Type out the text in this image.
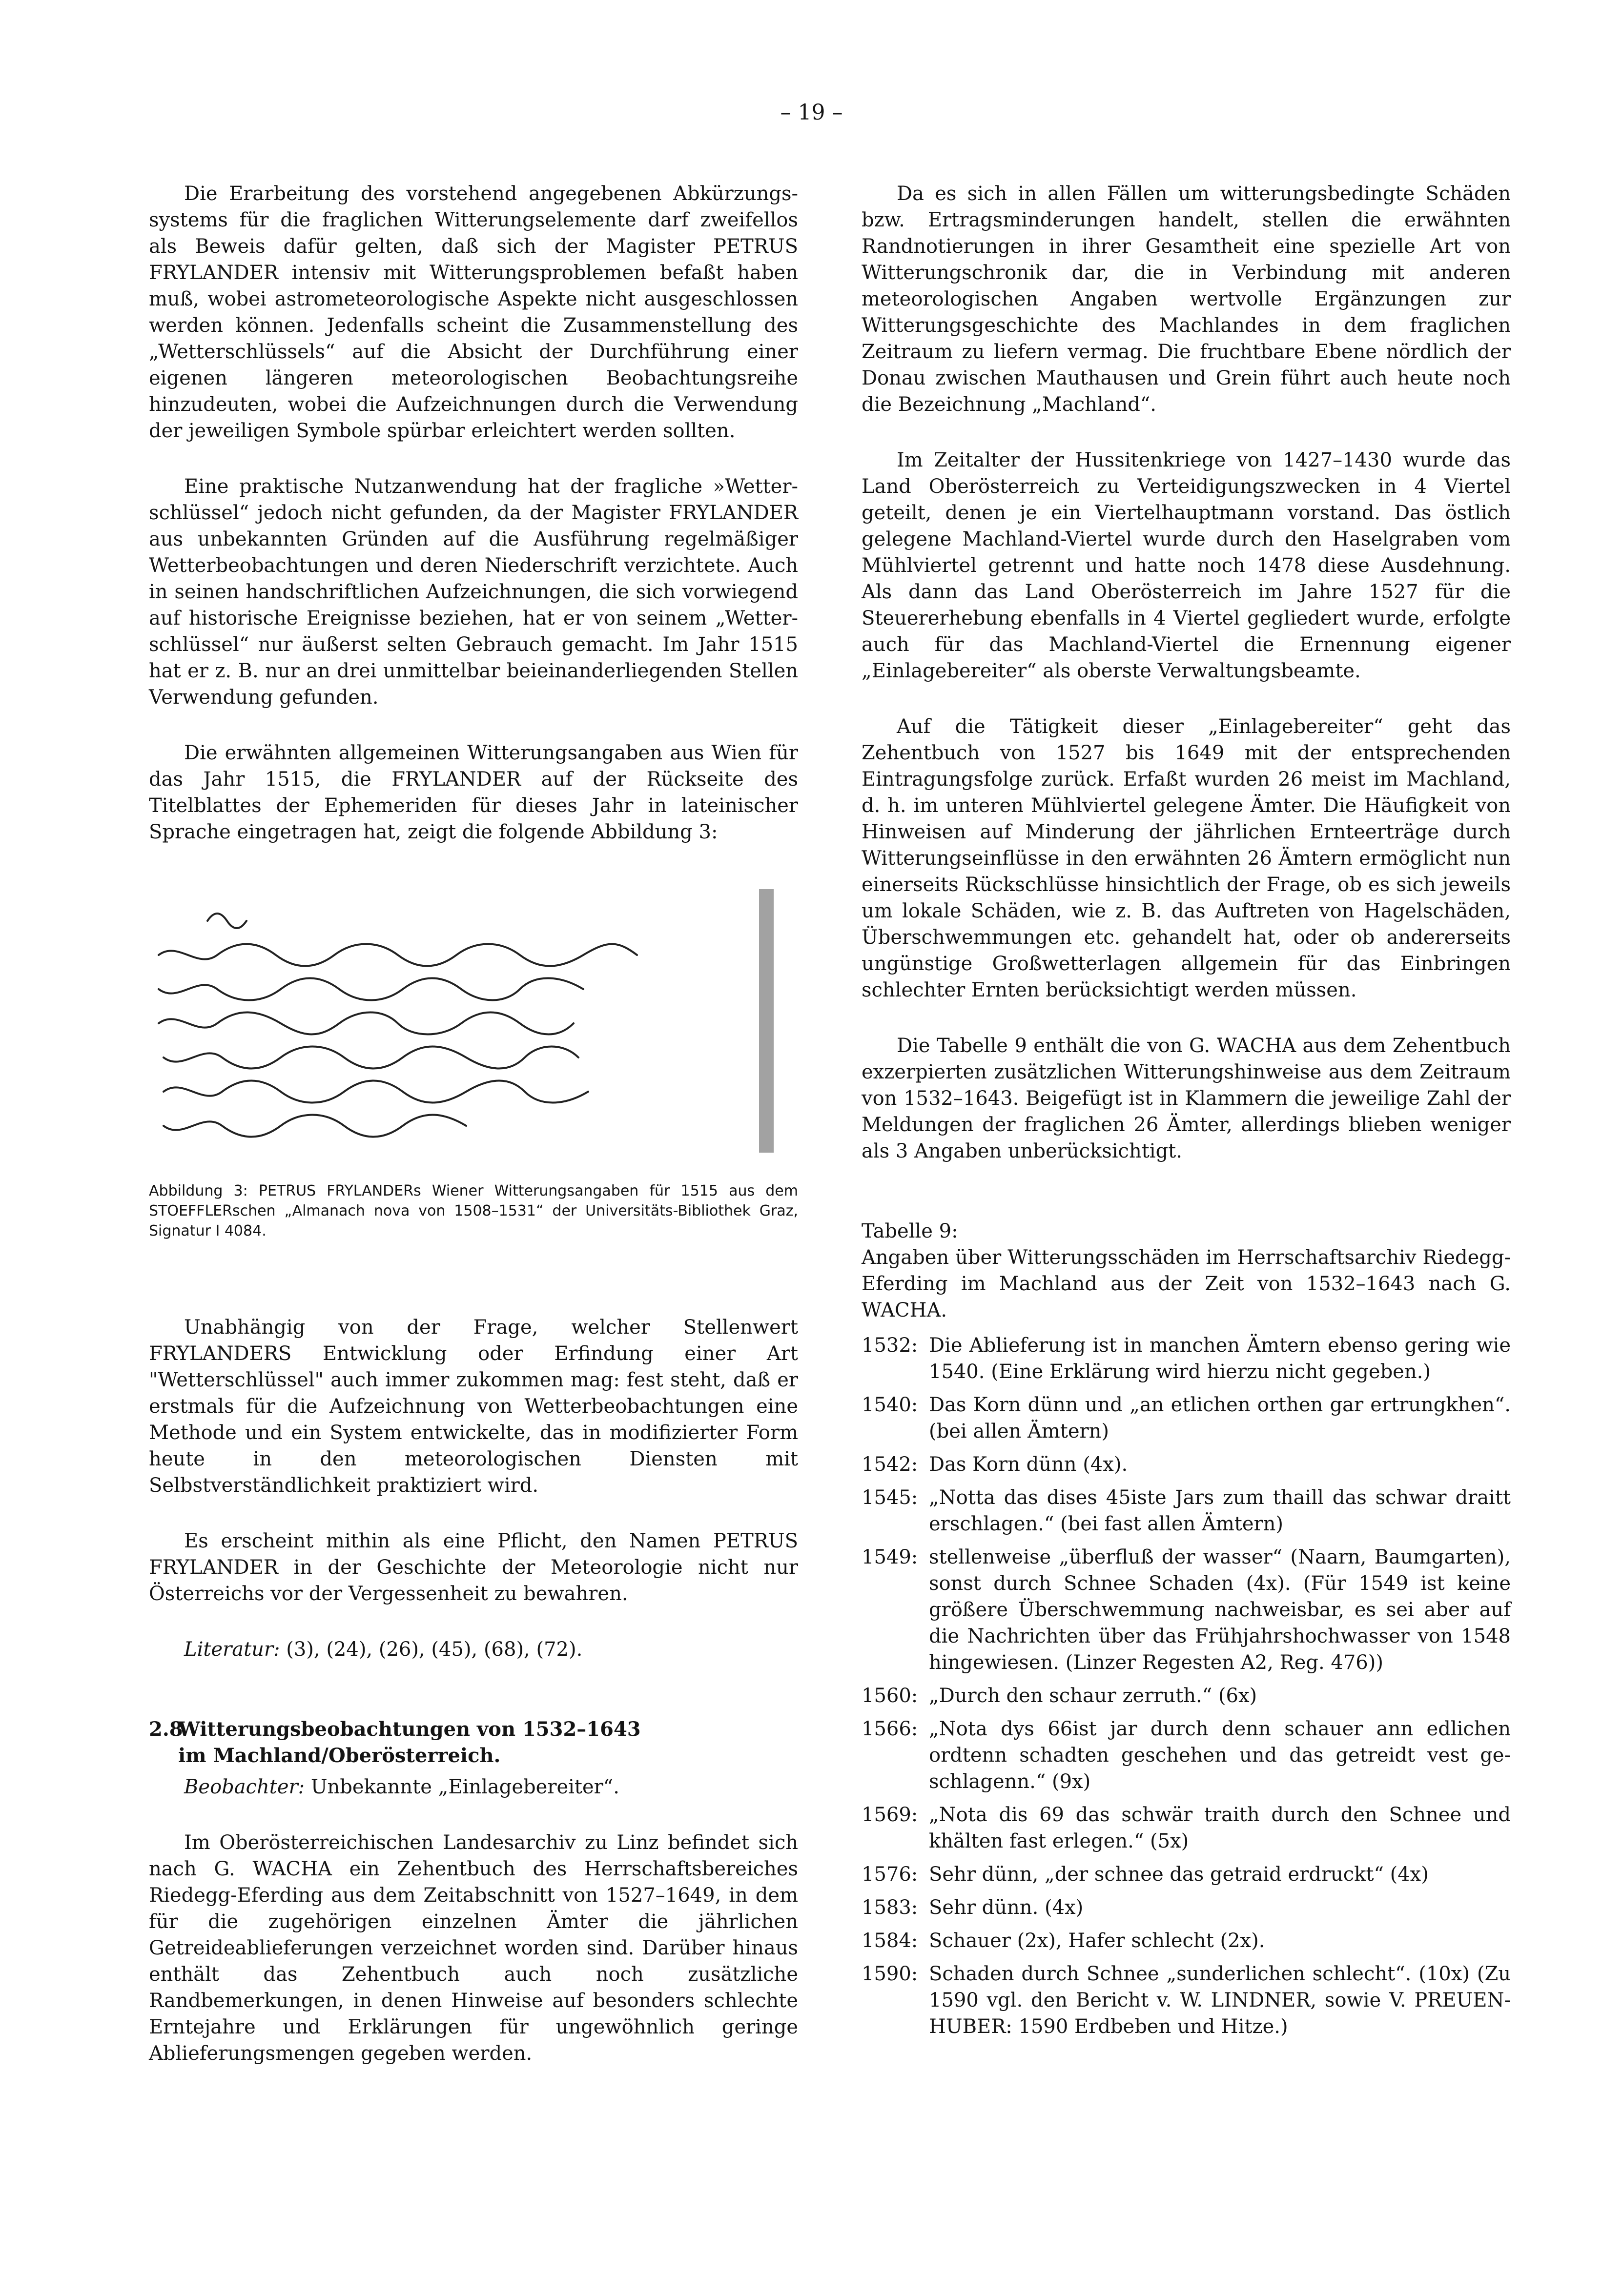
– 19 –

Die Erarbeitung des vorstehend angegebenen Abkürzungssystems für die fraglichen Witterungselemente darf zweifellos als Beweis dafür gelten, daß sich der Magister PETRUS FRYLANDER intensiv mit Witterungsproblemen befaßt haben muß, wobei astrometeorologische Aspekte nicht ausgeschlossen werden können. Jedenfalls scheint die Zusammenstellung des „Wetterschlüssels“ auf die Absicht der Durchführung einer eigenen längeren meteorologischen Beobachtungsreihe hinzudeuten, wobei die Aufzeichnungen durch die Verwendung der jeweiligen Symbole spürbar erleichtert werden sollten.

Eine praktische Nutzanwendung hat der fragliche »Wetterschlüssel“ jedoch nicht gefunden, da der Magister FRYLANDER aus unbekannten Gründen auf die Ausführung regelmäßiger Wetterbeobachtungen und deren Niederschrift verzichtete. Auch in seinen handschriftlichen Aufzeichnungen, die sich vorwiegend auf historische Ereignisse beziehen, hat er von seinem „Wetterschlüssel“ nur äußerst selten Gebrauch gemacht. Im Jahr 1515 hat er z. B. nur an drei unmittelbar beieinanderliegenden Stellen Verwendung gefunden.

Die erwähnten allgemeinen Witterungsangaben aus Wien für das Jahr 1515, die FRYLANDER auf der Rückseite des Titelblattes der Ephemeriden für dieses Jahr in lateinischer Sprache eingetragen hat, zeigt die folgende Abbildung 3:

Abbildung 3: PETRUS FRYLANDERs Wiener Witterungsangaben für 1515 aus dem STOEFFLERschen „Almanach nova von 1508–1531“ der Universitäts-Bibliothek Graz, Signatur I 4084.

Unabhängig von der Frage, welcher Stellenwert FRYLANDERS Entwicklung oder Erfindung einer Art "Wetterschlüssel" auch immer zukommen mag: fest steht, daß er erstmals für die Aufzeichnung von Wetterbeobachtungen eine Methode und ein System entwickelte, das in modifizierter Form heute in den meteorologischen Diensten mit Selbstverständlichkeit praktiziert wird.

Es erscheint mithin als eine Pflicht, den Namen PETRUS FRYLANDER in der Geschichte der Meteorologie nicht nur Österreichs vor der Vergessenheit zu bewahren.

Literatur: (3), (24), (26), (45), (68), (72).

2.8
Witterungsbeobachtungen von 1532–1643
im Machland/Oberösterreich.
Beobachter: Unbekannte „Einlagebereiter“.

Im Oberösterreichischen Landesarchiv zu Linz befindet sich nach G. WACHA ein Zehentbuch des Herrschaftsbereiches Riedegg-Eferding aus dem Zeitabschnitt von 1527–1649, in dem für die zugehörigen einzelnen Ämter die jährlichen Getreideablieferungen verzeichnet worden sind. Darüber hinaus enthält das Zehentbuch auch noch zusätzliche Randbemerkungen, in denen Hinweise auf besonders schlechte Erntejahre und Erklärungen für ungewöhnlich geringe Ablieferungsmengen gegeben werden.

Da es sich in allen Fällen um witterungsbedingte Schäden bzw. Ertragsminderungen handelt, stellen die erwähnten Randnotierungen in ihrer Gesamtheit eine spezielle Art von Witterungschronik dar, die in Verbindung mit anderen meteorologischen Angaben wertvolle Ergänzungen zur Witterungsgeschichte des Machlandes in dem fraglichen Zeitraum zu liefern vermag. Die fruchtbare Ebene nördlich der Donau zwischen Mauthausen und Grein führt auch heute noch die Bezeichnung „Machland“.

Im Zeitalter der Hussitenkriege von 1427–1430 wurde das Land Oberösterreich zu Verteidigungszwecken in 4 Viertel geteilt, denen je ein Viertelhauptmann vorstand. Das östlich gelegene Machland-Viertel wurde durch den Haselgraben vom Mühlviertel getrennt und hatte noch 1478 diese Ausdehnung. Als dann das Land Oberösterreich im Jahre 1527 für die Steuererhebung ebenfalls in 4 Viertel gegliedert wurde, erfolgte auch für das Machland-Viertel die Ernennung eigener „Einlagebereiter“ als oberste Verwaltungsbeamte.

Auf die Tätigkeit dieser „Einlagebereiter“ geht das Zehentbuch von 1527 bis 1649 mit der entsprechenden Eintragungsfolge zurück. Erfaßt wurden 26 meist im Machland, d. h. im unteren Mühlviertel gelegene Ämter. Die Häufigkeit von Hinweisen auf Minderung der jährlichen Ernteerträge durch Witterungseinflüsse in den erwähnten 26 Ämtern ermöglicht nun einerseits Rückschlüsse hinsichtlich der Frage, ob es sich jeweils um lokale Schäden, wie z. B. das Auftreten von Hagelschäden, Überschwemmungen etc. gehandelt hat, oder ob andererseits ungünstige Großwetterlagen allgemein für das Einbringen schlechter Ernten berücksichtigt werden müssen.

Die Tabelle 9 enthält die von G. WACHA aus dem Zehentbuch exzerpierten zusätzlichen Witterungshinweise aus dem Zeitraum von 1532–1643. Beigefügt ist in Klammern die jeweilige Zahl der Meldungen der fraglichen 26 Ämter, allerdings blieben weniger als 3 Angaben unberücksichtigt.

Tabelle 9:
Angaben über Witterungsschäden im Herrschaftsarchiv Riedegg-Eferding im Machland aus der Zeit von 1532–1643 nach G. WACHA.
1532: Die Ablieferung ist in manchen Ämtern ebenso gering wie 1540. (Eine Erklärung wird hierzu nicht gegeben.)
1540: Das Korn dünn und „an etlichen orthen gar ertrungkhen“. (bei allen Ämtern)
1542: Das Korn dünn (4x).
1545: „Notta das dises 45iste Jars zum thaill das schwar draitt erschlagen.“ (bei fast allen Ämtern)
1549: stellenweise „überfluß der wasser“ (Naarn, Baumgarten), sonst durch Schnee Schaden (4x). (Für 1549 ist keine größere Überschwemmung nachweisbar, es sei aber auf die Nachrichten über das Frühjahrshochwasser von 1548 hingewiesen. (Linzer Regesten A2, Reg. 476))
1560: „Durch den schaur zerruth.“ (6x)
1566: „Nota dys 66ist jar durch denn schauer ann edlichen ordtenn schadten geschehen und das getreidt vest geschlagenn.“ (9x)
1569: „Nota dis 69 das schwär traith durch den Schnee und khälten fast erlegen.“ (5x)
1576: Sehr dünn, „der schnee das getraid erdruckt“ (4x)
1583: Sehr dünn. (4x)
1584: Schauer (2x), Hafer schlecht (2x).
1590: Schaden durch Schnee „sunderlichen schlecht“. (10x) (Zu 1590 vgl. den Bericht v. W. LINDNER, sowie V. PREUENHUBER: 1590 Erdbeben und Hitze.)
